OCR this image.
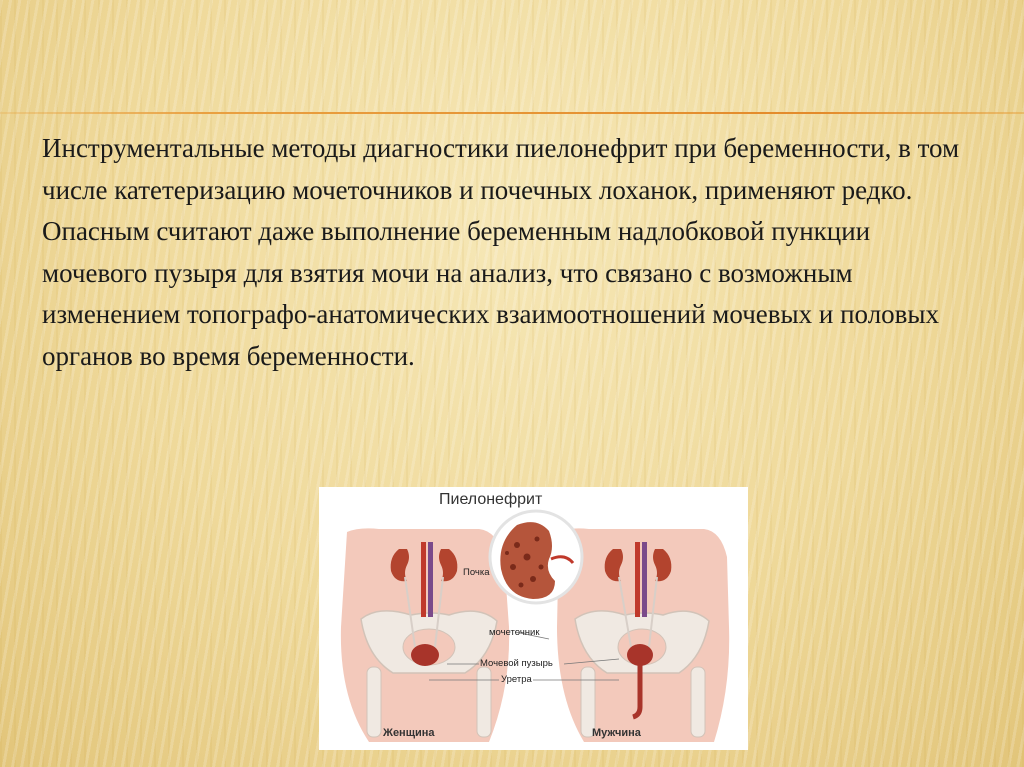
Инструментальные методы диагностики пиелонефрит при беременности, в том числе катетеризацию мочеточников и почечных лоханок, применяют редко. Опасным считают даже выполнение беременным надлобковой пункции мочевого пузыря для взятия мочи на анализ, что связано с возможным изменением топографо-анатомических взаимоотношений мочевых и половых органов во время беременности.

Пиелонефрит
Почка
мочеточник
Мочевой пузырь
Уретра
Женщина	Мужчина
